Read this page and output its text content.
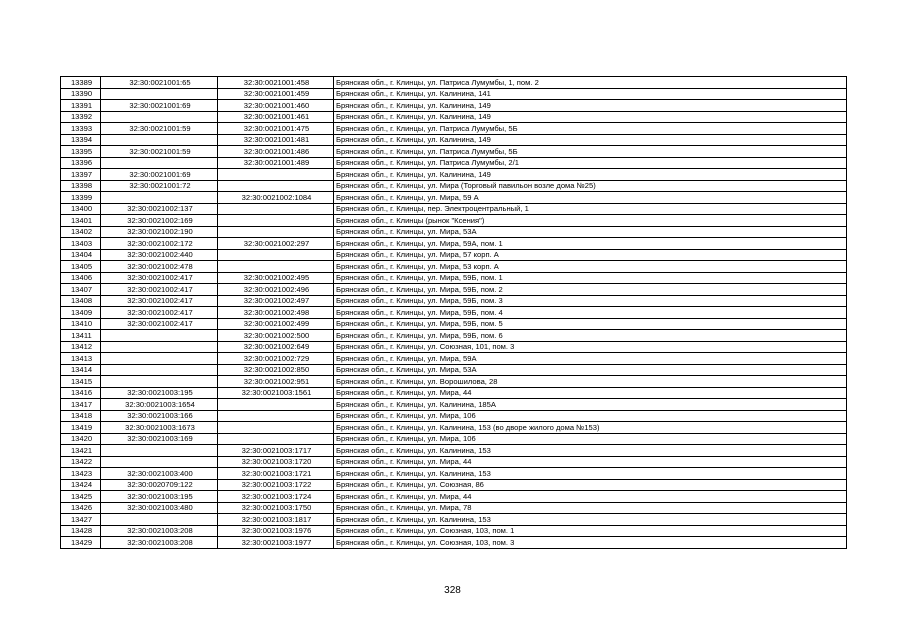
13389	32:30:0021001:65	32:30:0021001:458	Брянская обл., г. Клинцы, ул. Патриса Лумумбы, 1, пом. 2
13390		32:30:0021001:459	Брянская обл., г. Клинцы, ул. Калинина, 141
13391	32:30:0021001:69	32:30:0021001:460	Брянская обл., г. Клинцы, ул. Калинина, 149
13392		32:30:0021001:461	Брянская обл., г. Клинцы, ул. Калинина, 149
13393	32:30:0021001:59	32:30:0021001:475	Брянская обл., г. Клинцы, ул. Патриса Лумумбы, 5Б
13394		32:30:0021001:481	Брянская обл., г. Клинцы, ул. Калинина, 149
13395	32:30:0021001:59	32:30:0021001:486	Брянская обл., г. Клинцы, ул. Патриса Лумумбы, 5Б
13396		32:30:0021001:489	Брянская обл., г. Клинцы, ул. Патриса Лумумбы, 2/1
13397	32:30:0021001:69		Брянская обл., г. Клинцы, ул. Калинина, 149
13398	32:30:0021001:72		Брянская обл., г. Клинцы, ул. Мира (Торговый павильон возле дома №25)
13399		32:30:0021002:1084	Брянская обл., г. Клинцы, ул. Мира, 59 А
13400	32:30:0021002:137		Брянская обл., г. Клинцы, пер. Электроцентральный, 1
13401	32:30:0021002:169		Брянская обл., г. Клинцы (рынок "Ксения")
13402	32:30:0021002:190		Брянская обл., г. Клинцы, ул. Мира, 53А
13403	32:30:0021002:172	32:30:0021002:297	Брянская обл., г. Клинцы, ул. Мира, 59А, пом. 1
13404	32:30:0021002:440		Брянская обл., г. Клинцы, ул. Мира, 57 корп. А
13405	32:30:0021002:478		Брянская обл., г. Клинцы, ул. Мира, 53 корп. А
13406	32:30:0021002:417	32:30:0021002:495	Брянская обл., г. Клинцы, ул. Мира, 59Б, пом. 1
13407	32:30:0021002:417	32:30:0021002:496	Брянская обл., г. Клинцы, ул. Мира, 59Б, пом. 2
13408	32:30:0021002:417	32:30:0021002:497	Брянская обл., г. Клинцы, ул. Мира, 59Б, пом. 3
13409	32:30:0021002:417	32:30:0021002:498	Брянская обл., г. Клинцы, ул. Мира, 59Б, пом. 4
13410	32:30:0021002:417	32:30:0021002:499	Брянская обл., г. Клинцы, ул. Мира, 59Б, пом. 5
13411		32:30:0021002:500	Брянская обл., г. Клинцы, ул. Мира, 59Б, пом. 6
13412		32:30:0021002:649	Брянская обл., г. Клинцы, ул. Союзная, 101, пом. 3
13413		32:30:0021002:729	Брянская обл., г. Клинцы, ул. Мира, 59А
13414		32:30:0021002:850	Брянская обл., г. Клинцы, ул. Мира, 53А
13415		32:30:0021002:951	Брянская обл., г. Клинцы, ул. Ворошилова, 28
13416	32:30:0021003:195	32:30:0021003:1561	Брянская обл., г. Клинцы, ул. Мира, 44
13417	32:30:0021003:1654		Брянская обл., г. Клинцы, ул. Калинина, 185А
13418	32:30:0021003:166		Брянская обл., г. Клинцы, ул. Мира, 106
13419	32:30:0021003:1673		Брянская обл., г. Клинцы, ул. Калинина, 153 (во дворе жилого дома №153)
13420	32:30:0021003:169		Брянская обл., г. Клинцы, ул. Мира, 106
13421		32:30:0021003:1717	Брянская обл., г. Клинцы, ул. Калинина, 153
13422		32:30:0021003:1720	Брянская обл., г. Клинцы, ул. Мира, 44
13423	32:30:0021003:400	32:30:0021003:1721	Брянская обл., г. Клинцы, ул. Калинина, 153
13424	32:30:0020709:122	32:30:0021003:1722	Брянская обл., г. Клинцы, ул. Союзная, 86
13425	32:30:0021003:195	32:30:0021003:1724	Брянская обл., г. Клинцы, ул. Мира, 44
13426	32:30:0021003:480	32:30:0021003:1750	Брянская обл., г. Клинцы, ул. Мира, 78
13427		32:30:0021003:1817	Брянская обл., г. Клинцы, ул. Калинина, 153
13428	32:30:0021003:208	32:30:0021003:1976	Брянская обл., г. Клинцы, ул. Союзная, 103, пом. 1
13429	32:30:0021003:208	32:30:0021003:1977	Брянская обл., г. Клинцы, ул. Союзная, 103, пом. 3
328
